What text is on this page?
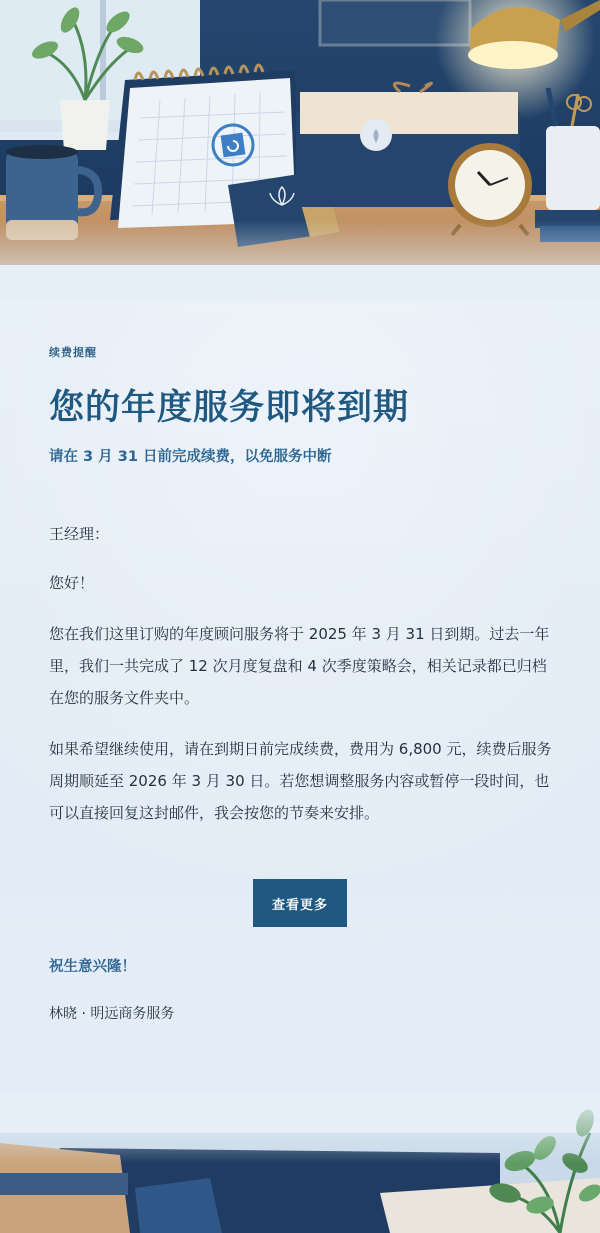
续费提醒
您的年度服务即将到期
请在 3 月 31 日前完成续费，以免服务中断

王经理：

您好！

您在我们这里订购的年度顾问服务将于 2025 年 3 月 31 日到期。过去一年里，我们一共完成了 12 次月度复盘和 4 次季度策略会，相关记录都已归档在您的服务文件夹中。

如果希望继续使用，请在到期日前完成续费，费用为 6,800 元，续费后服务周期顺延至 2026 年 3 月 30 日。若您想调整服务内容或暂停一段时间，也可以直接回复这封邮件，我会按您的节奏来安排。

查看更多
祝生意兴隆！
林晓 · 明远商务服务
